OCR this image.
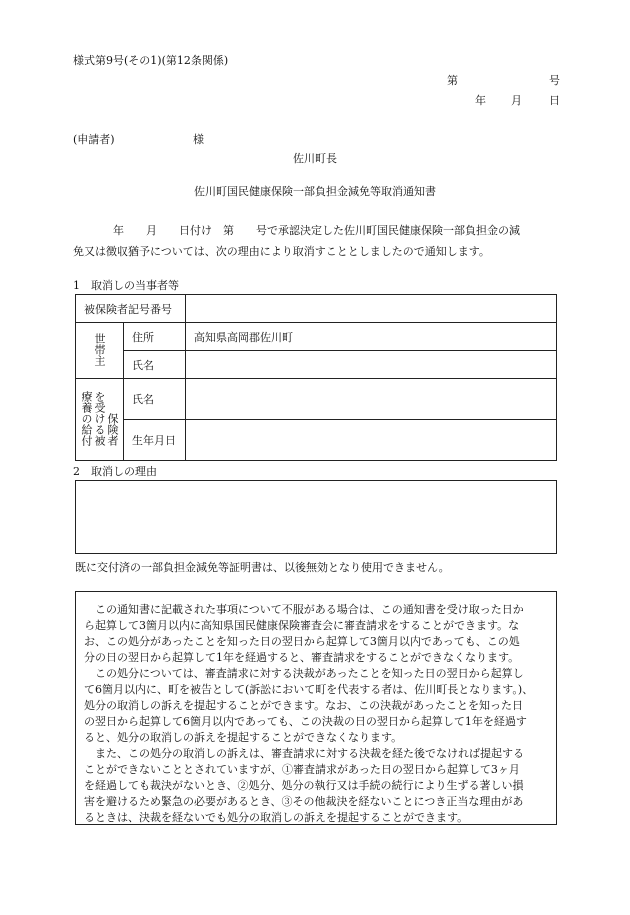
様式第9号(その1)(第12条関係)
第	号
年 月 日
(申請者)	様
佐川町長
佐川町国民健康保険一部負担金減免等取消通知書
年　　月　　日付け　第　　号で承認決定した佐川町国民健康保険一部負担金の減
免又は徴収猶予については、次の理由により取消すこととしましたので通知します。
1　取消しの当事者等
被保険者記号番号		
世帯主	住所	高知県高岡郡佐川町
	氏名	
療養の給付を受ける被保険者	氏名	
	生年月日	
2　取消しの理由
既に交付済の一部負担金減免等証明書は、以後無効となり使用できません。

　この通知書に記載された事項について不服がある場合は、この通知書を受け取った日か

ら起算して3箇月以内に高知県国民健康保険審査会に審査請求をすることができます。な

お、この処分があったことを知った日の翌日から起算して3箇月以内であっても、この処

分の日の翌日から起算して1年を経過すると、審査請求をすることができなくなります。

　この処分については、審査請求に対する決裁があったことを知った日の翌日から起算し

て6箇月以内に、町を被告として(訴訟において町を代表する者は、佐川町長となります。)、

処分の取消しの訴えを提起することができます。なお、この決裁があったことを知った日

の翌日から起算して6箇月以内であっても、この決裁の日の翌日から起算して1年を経過す

ると、処分の取消しの訴えを提起することができなくなります。

　また、この処分の取消しの訴えは、審査請求に対する決裁を経た後でなければ提起する

ことができないこととされていますが、①審査請求があった日の翌日から起算して3ヶ月

を経過しても裁決がないとき、②処分、処分の執行又は手続の続行により生ずる著しい損

害を避けるため緊急の必要があるとき、③その他裁決を経ないことにつき正当な理由があ

るときは、決裁を経ないでも処分の取消しの訴えを提起することができます。
